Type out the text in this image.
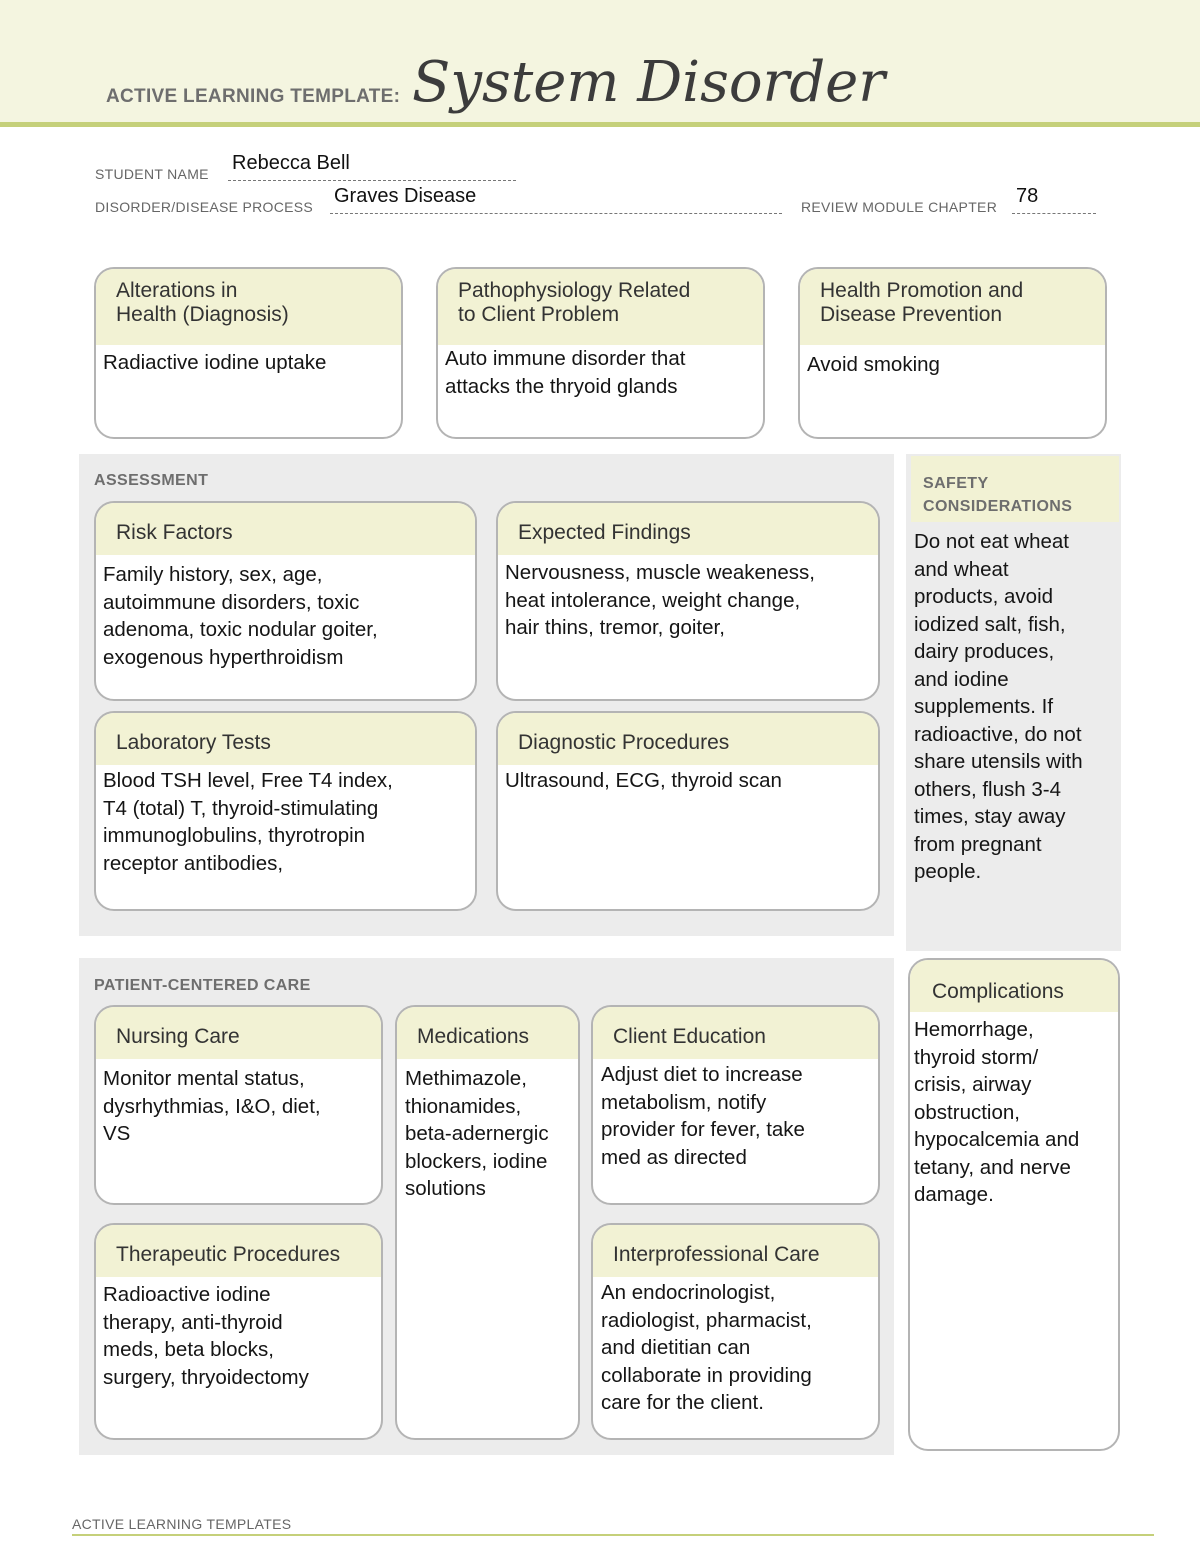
ACTIVE LEARNING TEMPLATE: System Disorder
STUDENT NAME Rebecca Bell
DISORDER/DISEASE PROCESS Graves Disease	REVIEW MODULE CHAPTER 78
Alterations in
Health (Diagnosis)
Radiactive iodine uptake
Pathophysiology Related
to Client Problem
Auto immune disorder that
attacks the thryoid glands
Health Promotion and
Disease Prevention
Avoid smoking
ASSESSMENT
Risk Factors
Family history, sex, age,
autoimmune disorders, toxic
adenoma, toxic nodular goiter,
exogenous hyperthroidism
Expected Findings
Nervousness, muscle weakeness,
heat intolerance, weight change,
hair thins, tremor, goiter,
Laboratory Tests
Blood TSH level, Free T4 index,
T4 (total) T, thyroid-stimulating
immunoglobulins, thyrotropin
receptor antibodies,
Diagnostic Procedures
Ultrasound, ECG, thyroid scan
SAFETY
CONSIDERATIONS
Do not eat wheat
and wheat
products, avoid
iodized salt, fish,
dairy produces,
and iodine
supplements. If
radioactive, do not
share utensils with
others, flush 3-4
times, stay away
from pregnant
people.
PATIENT-CENTERED CARE
Nursing Care
Monitor mental status,
dysrhythmias, I&O, diet,
VS
Medications
Methimazole,
thionamides,
beta-adernergic
blockers, iodine
solutions
Client Education
Adjust diet to increase
metabolism, notify
provider for fever, take
med as directed
Therapeutic Procedures
Radioactive iodine
therapy, anti-thyroid
meds, beta blocks,
surgery, thryoidectomy
Interprofessional Care
An endocrinologist,
radiologist, pharmacist,
and dietitian can
collaborate in providing
care for the client.
Complications
Hemorrhage,
thyroid storm/
crisis, airway
obstruction,
hypocalcemia and
tetany, and nerve
damage.
ACTIVE LEARNING TEMPLATES
